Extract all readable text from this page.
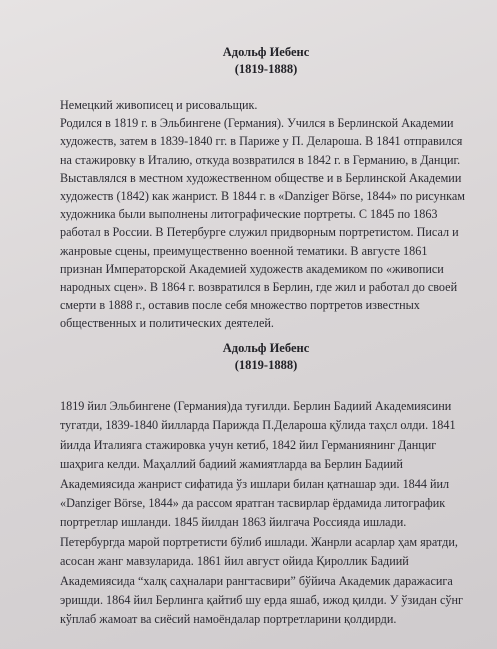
Адольф Иебенс
(1819-1888)
Немецкий живописец и рисовальщик.
Родился в 1819 г. в Эльбингене (Германия). Учился в Берлинской Академии
художеств, затем в 1839-1840 гг. в Париже у П. Делароша. В 1841 отправился
на стажировку в Италию, откуда возвратился в 1842 г. в Германию, в Данциг.
Выставлялся в местном художественном обществе и в Берлинской Академии
художеств (1842) как жанрист. В 1844 г. в «Danziger Börse, 1844» по рисункам
художника были выполнены литографические портреты. С 1845 по 1863
работал в России. В Петербурге служил придворным портретистом. Писал и
жанровые сцены, преимущественно военной тематики. В августе 1861
признан Императорской Академией художеств академиком по «живописи
народных сцен». В 1864 г. возвратился в Берлин, где жил и работал до своей
смерти в 1888 г., оставив после себя множество портретов известных
общественных и политических деятелей.
Адольф Иебенс
(1819-1888)
1819 йил Эльбингене (Германия)да туғилди. Берлин Бадиий Академиясини
тугатди, 1839-1840 йилларда Парижда П.Деларошa қўлида таҳсл олди. 1841
йилда Италияга стажировка учун кетиб, 1842 йил Германиянинг Данциг
шаҳрига келди. Маҳаллий бадиий жамиятларда ва Берлин Бадиий
Академиясида жанрист сифатида ўз ишлари билан қатнашар эди. 1844 йил
«Danziger Börse, 1844» да рассом яратган тасвирлар ёрдамида литографик
портретлар ишланди. 1845 йилдан 1863 йилгача Россияда ишлади.
Петербургда марой портретисти бўлиб ишлади. Жанрли асарлар ҳам яратди,
асосан жанг мавзуларида. 1861 йил август ойида Қироллик Бадиий
Академиясида “халқ саҳналари рангтасвири” бўйича Академик даражасига
эришди. 1864 йил Берлинга қайтиб шу ерда яшаб, ижод қилди. У ўзидан сўнг
кўплаб жамоат ва сиёсий намоёндалар портретларини қолдирди.
